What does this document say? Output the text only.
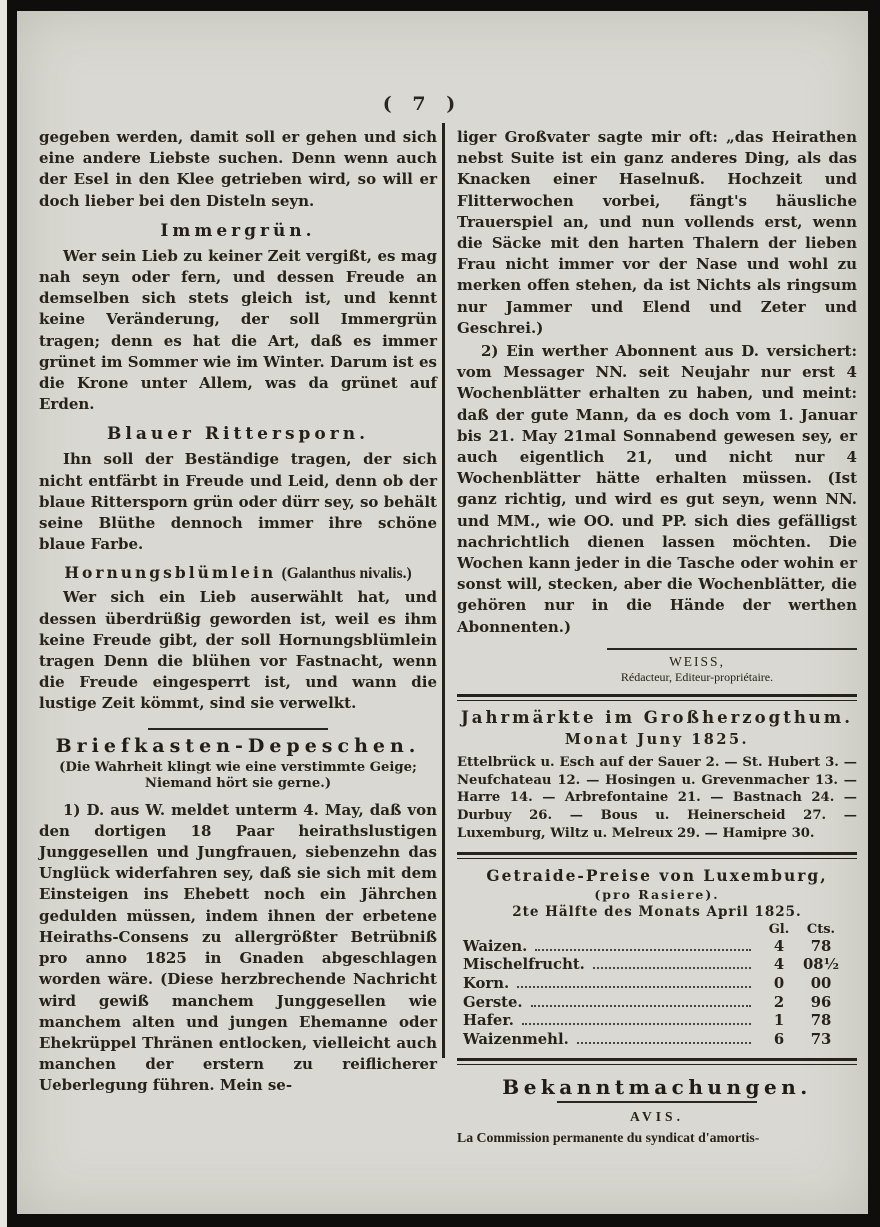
( 7 )

gegeben werden, damit soll er gehen und sich eine andere Liebste suchen. Denn wenn auch der Esel in den Klee getrieben wird, so will er doch lieber bei den Disteln seyn.

Immergrün.

Wer sein Lieb zu keiner Zeit vergißt, es mag nah seyn oder fern, und dessen Freude an demselben sich stets gleich ist, und kennt keine Veränderung, der soll Immergrün tragen; denn es hat die Art, daß es immer grünet im Sommer wie im Winter. Darum ist es die Krone unter Allem, was da grünet auf Erden.

Blauer Rittersporn.

Ihn soll der Beständige tragen, der sich nicht entfärbt in Freude und Leid, denn ob der blaue Rittersporn grün oder dürr sey, so behält seine Blüthe dennoch immer ihre schöne blaue Farbe.

Hornungsblümlein (Galanthus nivalis.)

Wer sich ein Lieb auserwählt hat, und dessen überdrüßig geworden ist, weil es ihm keine Freude gibt, der soll Hornungsblümlein tragen Denn die blühen vor Fastnacht, wenn die Freude eingesperrt ist, und wann die lustige Zeit kömmt, sind sie verwelkt.

Briefkasten-Depeschen.
(Die Wahrheit klingt wie eine verstimmte Geige; Niemand hört sie gerne.)

1) D. aus W. meldet unterm 4. May, daß von den dortigen 18 Paar heirathslustigen Junggesellen und Jungfrauen, siebenzehn das Unglück widerfahren sey, daß sie sich mit dem Einsteigen ins Ehebett noch ein Jährchen gedulden müssen, indem ihnen der erbetene Heiraths-Consens zu allergrößter Betrübniß pro anno 1825 in Gnaden abgeschlagen worden wäre. (Diese herzbrechende Nachricht wird gewiß manchem Junggesellen wie manchem alten und jungen Ehemanne oder Ehekrüppel Thränen entlocken, vielleicht auch manchen der erstern zu reiflicherer Ueberlegung führen. Mein se-

liger Großvater sagte mir oft: „das Heirathen nebst Suite ist ein ganz anderes Ding, als das Knacken einer Haselnuß. Hochzeit und Flitterwochen vorbei, fängt's häusliche Trauerspiel an, und nun vollends erst, wenn die Säcke mit den harten Thalern der lieben Frau nicht immer vor der Nase und wohl zu merken offen stehen, da ist Nichts als ringsum nur Jammer und Elend und Zeter und Geschrei.)

2) Ein werther Abonnent aus D. versichert: vom Messager NN. seit Neujahr nur erst 4 Wochenblätter erhalten zu haben, und meint: daß der gute Mann, da es doch vom 1. Januar bis 21. May 21mal Sonnabend gewesen sey, er auch eigentlich 21, und nicht nur 4 Wochenblätter hätte erhalten müssen. (Ist ganz richtig, und wird es gut seyn, wenn NN. und MM., wie OO. und PP. sich dies gefälligst nachrichtlich dienen lassen möchten. Die Wochen kann jeder in die Tasche oder wohin er sonst will, stecken, aber die Wochenblätter, die gehören nur in die Hände der werthen Abonnenten.)

WEISS,
Rédacteur, Editeur-propriétaire.
Jahrmärkte im Großherzogthum.
Monat Juny 1825.

Ettelbrück u. Esch auf der Sauer 2. — St. Hubert 3. — Neufchateau 12. — Hosingen u. Grevenmacher 13. — Harre 14. — Arbrefontaine 21. — Bastnach 24. — Durbuy 26. — Bous u. Heinerscheid 27. — Luxemburg, Wiltz u. Melreux 29. — Hamipre 30.

Getraide-Preise von Luxemburg,
(pro Rasiere).
2te Hälfte des Monats April 1825.
Gl.	Cts.
Waizen.	4	78
Mischelfrucht.	4	08½
Korn.	0	00
Gerste.	2	96
Hafer.	1	78
Waizenmehl.	6	73
Bekanntmachungen.
AVIS.

La Commission permanente du syndicat d'amortis-
